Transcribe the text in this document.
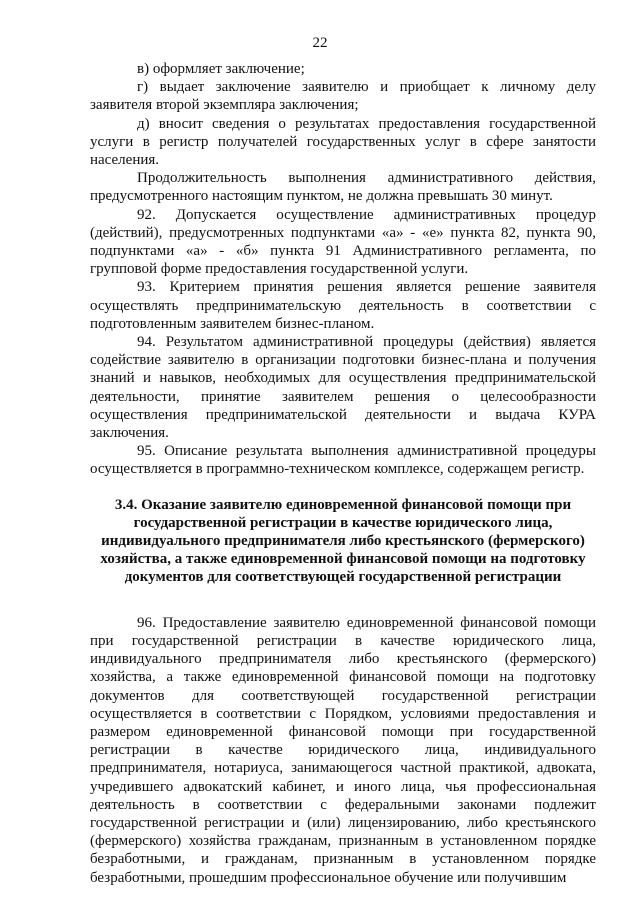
22

в) оформляет заключение;

г) выдает заключение заявителю и приобщает к личному делу заявителя второй экземпляра заключения;

д) вносит сведения о результатах предоставления государственной услуги в регистр получателей государственных услуг в сфере занятости населения.

Продолжительность выполнения административного действия, предусмотренного настоящим пунктом, не должна превышать 30 минут.

92. Допускается осуществление административных процедур (действий), предусмотренных подпунктами «а» - «е» пункта 82, пункта 90, подпунктами «а» - «б» пункта 91 Административного регламента, по групповой форме предоставления государственной услуги.

93. Критерием принятия решения является решение заявителя осуществлять предпринимательскую деятельность в соответствии с подготовленным заявителем бизнес-планом.

94. Результатом административной процедуры (действия) является содействие заявителю в организации подготовки бизнес-плана и получения знаний и навыков, необходимых для осуществления предпринимательской деятельности, принятие заявителем решения о целесообразности осуществления предпринимательской деятельности и выдача КУРА заключения.

95. Описание результата выполнения административной процедуры осуществляется в программно-техническом комплексе, содержащем регистр.

3.4. Оказание заявителю единовременной финансовой помощи при государственной регистрации в качестве юридического лица, индивидуального предпринимателя либо крестьянского (фермерского) хозяйства, а также единовременной финансовой помощи на подготовку документов для соответствующей государственной регистрации

96. Предоставление заявителю единовременной финансовой помощи при государственной регистрации в качестве юридического лица, индивидуального предпринимателя либо крестьянского (фермерского) хозяйства, а также единовременной финансовой помощи на подготовку документов для соответствующей государственной регистрации осуществляется в соответствии с Порядком, условиями предоставления и размером единовременной финансовой помощи при государственной регистрации в качестве юридического лица, индивидуального предпринимателя, нотариуса, занимающегося частной практикой, адвоката, учредившего адвокатский кабинет, и иного лица, чья профессиональная деятельность в соответствии с федеральными законами подлежит государственной регистрации и (или) лицензированию, либо крестьянского (фермерского) хозяйства гражданам, признанным в установленном порядке безработными, и гражданам, признанным в установленном порядке безработными, прошедшим профессиональное обучение или получившим
